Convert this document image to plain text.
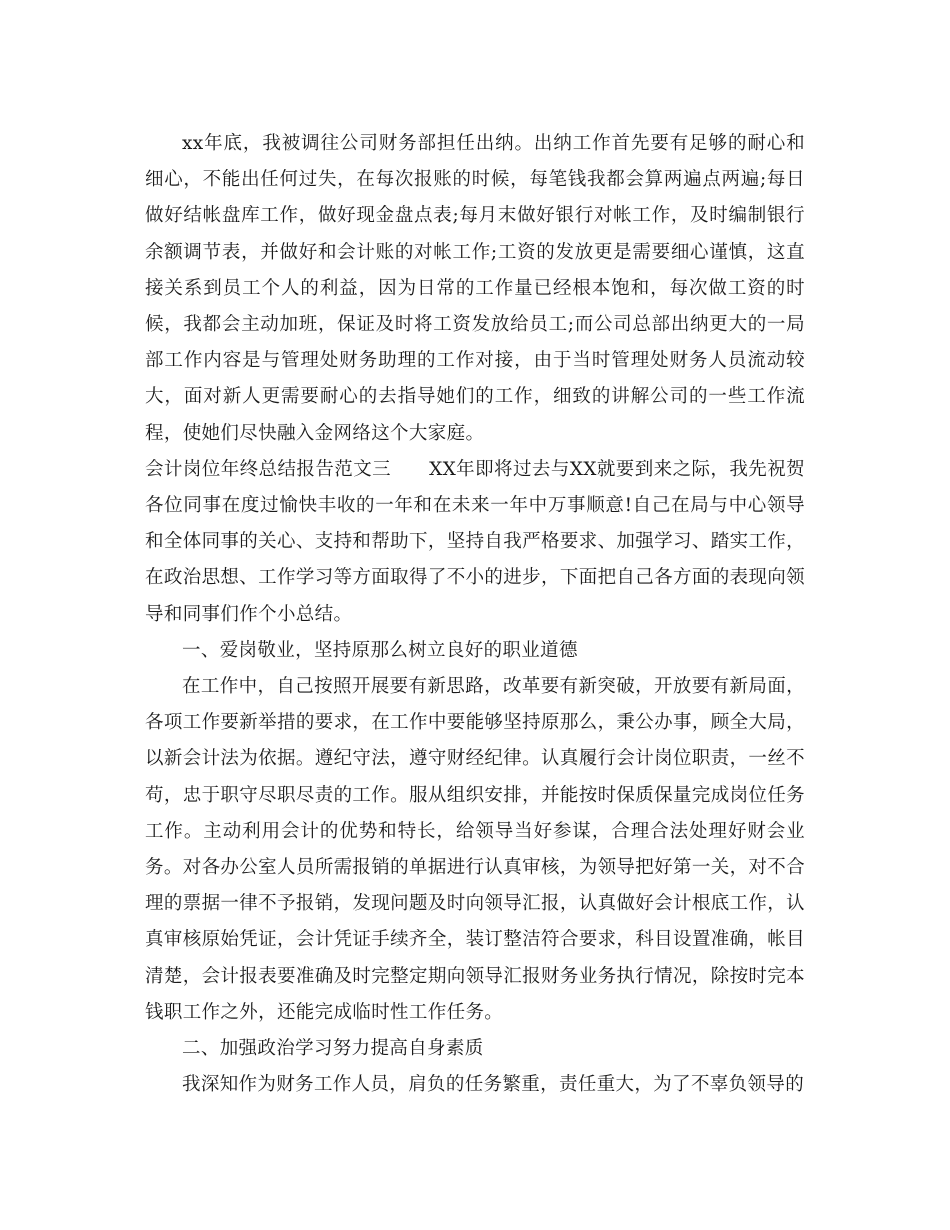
xx年底，我被调往公司财务部担任出纳。出纳工作首先要有足够的耐心和细心，不能出任何过失，在每次报账的时候，每笔钱我都会算两遍点两遍;每日做好结帐盘库工作，做好现金盘点表;每月末做好银行对帐工作，及时编制银行余额调节表，并做好和会计账的对帐工作;工资的发放更是需要细心谨慎，这直接关系到员工个人的利益，因为日常的工作量已经根本饱和，每次做工资的时候，我都会主动加班，保证及时将工资发放给员工;而公司总部出纳更大的一局部工作内容是与管理处财务助理的工作对接，由于当时管理处财务人员流动较大，面对新人更需要耐心的去指导她们的工作，细致的讲解公司的一些工作流程，使她们尽快融入金网络这个大家庭。

会计岗位年终总结报告范文三 XX年即将过去与XX就要到来之际，我先祝贺各位同事在度过愉快丰收的一年和在未来一年中万事顺意!自己在局与中心领导和全体同事的关心、支持和帮助下，坚持自我严格要求、加强学习、踏实工作，在政治思想、工作学习等方面取得了不小的进步，下面把自己各方面的表现向领导和同事们作个小总结。

一、爱岗敬业，坚持原那么树立良好的职业道德

在工作中，自己按照开展要有新思路，改革要有新突破，开放要有新局面，各项工作要新举措的要求，在工作中要能够坚持原那么，秉公办事，顾全大局，以新会计法为依据。遵纪守法，遵守财经纪律。认真履行会计岗位职责，一丝不苟，忠于职守尽职尽责的工作。服从组织安排，并能按时保质保量完成岗位任务工作。主动利用会计的优势和特长，给领导当好参谋，合理合法处理好财会业务。对各办公室人员所需报销的单据进行认真审核，为领导把好第一关，对不合理的票据一律不予报销，发现问题及时向领导汇报，认真做好会计根底工作，认真审核原始凭证，会计凭证手续齐全，装订整洁符合要求，科目设置准确，帐目清楚，会计报表要准确及时完整定期向领导汇报财务业务执行情况，除按时完本钱职工作之外，还能完成临时性工作任务。

二、加强政治学习努力提高自身素质

我深知作为财务工作人员，肩负的任务繁重，责任重大，为了不辜负领导的
